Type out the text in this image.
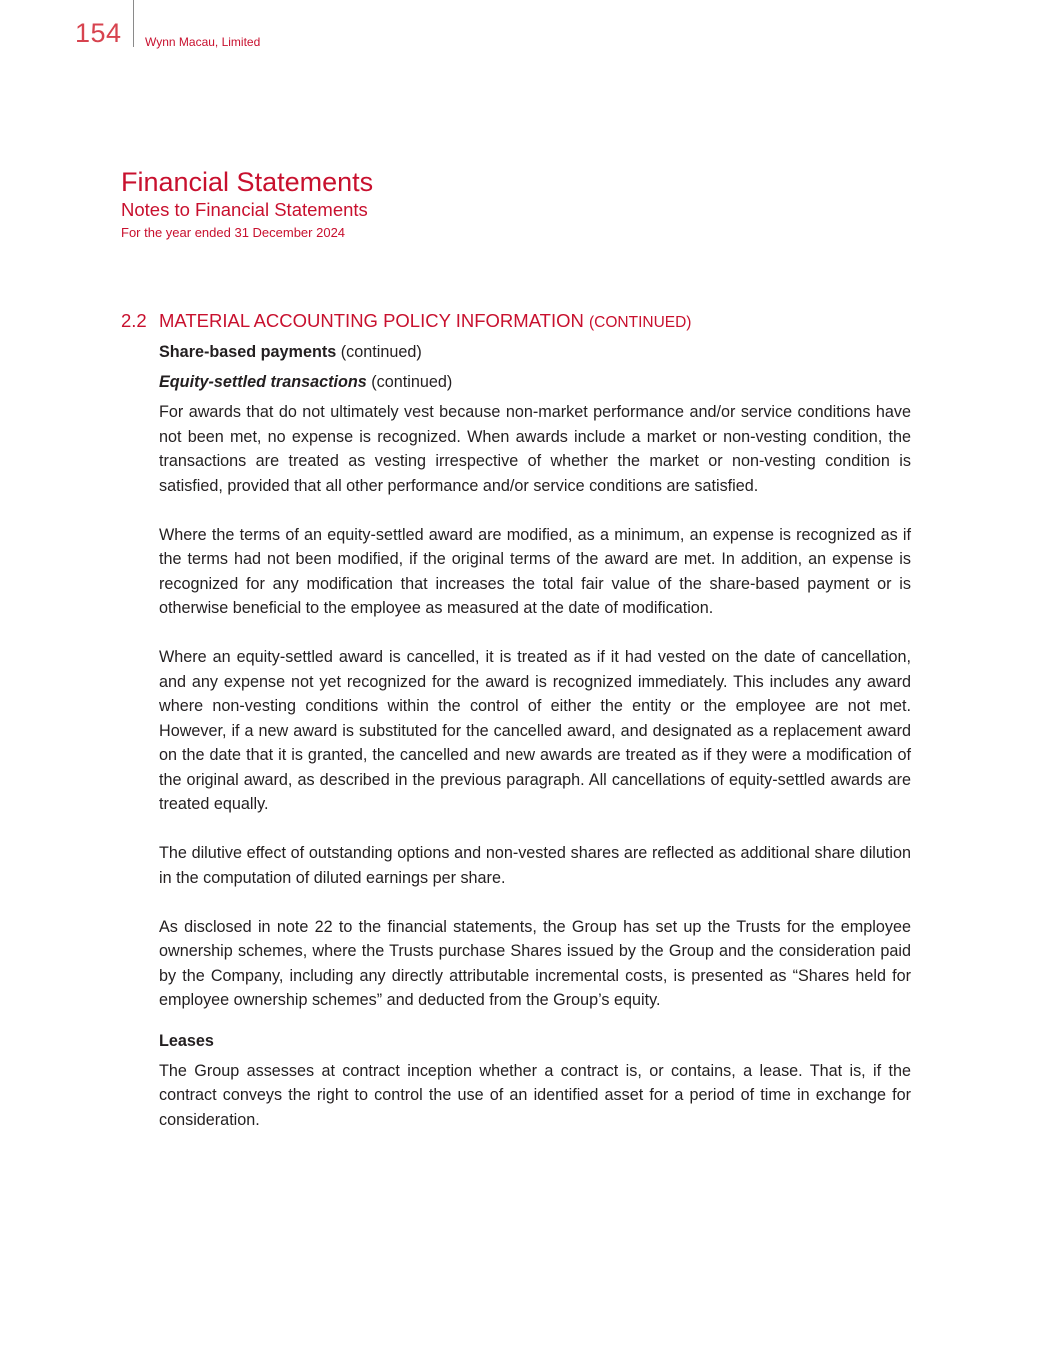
154 Wynn Macau, Limited
Financial Statements
Notes to Financial Statements
For the year ended 31 December 2024
2.2 MATERIAL ACCOUNTING POLICY INFORMATION (CONTINUED)
Share-based payments (continued)
Equity-settled transactions (continued)

For awards that do not ultimately vest because non-market performance and/or service conditions have not been met, no expense is recognized. When awards include a market or non-vesting condition, the transactions are treated as vesting irrespective of whether the market or non-vesting condition is satisfied, provided that all other performance and/or service conditions are satisfied.

Where the terms of an equity-settled award are modified, as a minimum, an expense is recognized as if the terms had not been modified, if the original terms of the award are met. In addition, an expense is recognized for any modification that increases the total fair value of the share-based payment or is otherwise beneficial to the employee as measured at the date of modification.

Where an equity-settled award is cancelled, it is treated as if it had vested on the date of cancellation, and any expense not yet recognized for the award is recognized immediately. This includes any award where non-vesting conditions within the control of either the entity or the employee are not met. However, if a new award is substituted for the cancelled award, and designated as a replacement award on the date that it is granted, the cancelled and new awards are treated as if they were a modification of the original award, as described in the previous paragraph. All cancellations of equity-settled awards are treated equally.

The dilutive effect of outstanding options and non-vested shares are reflected as additional share dilution in the computation of diluted earnings per share.

As disclosed in note 22 to the financial statements, the Group has set up the Trusts for the employee ownership schemes, where the Trusts purchase Shares issued by the Group and the consideration paid by the Company, including any directly attributable incremental costs, is presented as “Shares held for employee ownership schemes” and deducted from the Group’s equity.

Leases

The Group assesses at contract inception whether a contract is, or contains, a lease. That is, if the contract conveys the right to control the use of an identified asset for a period of time in exchange for consideration.
